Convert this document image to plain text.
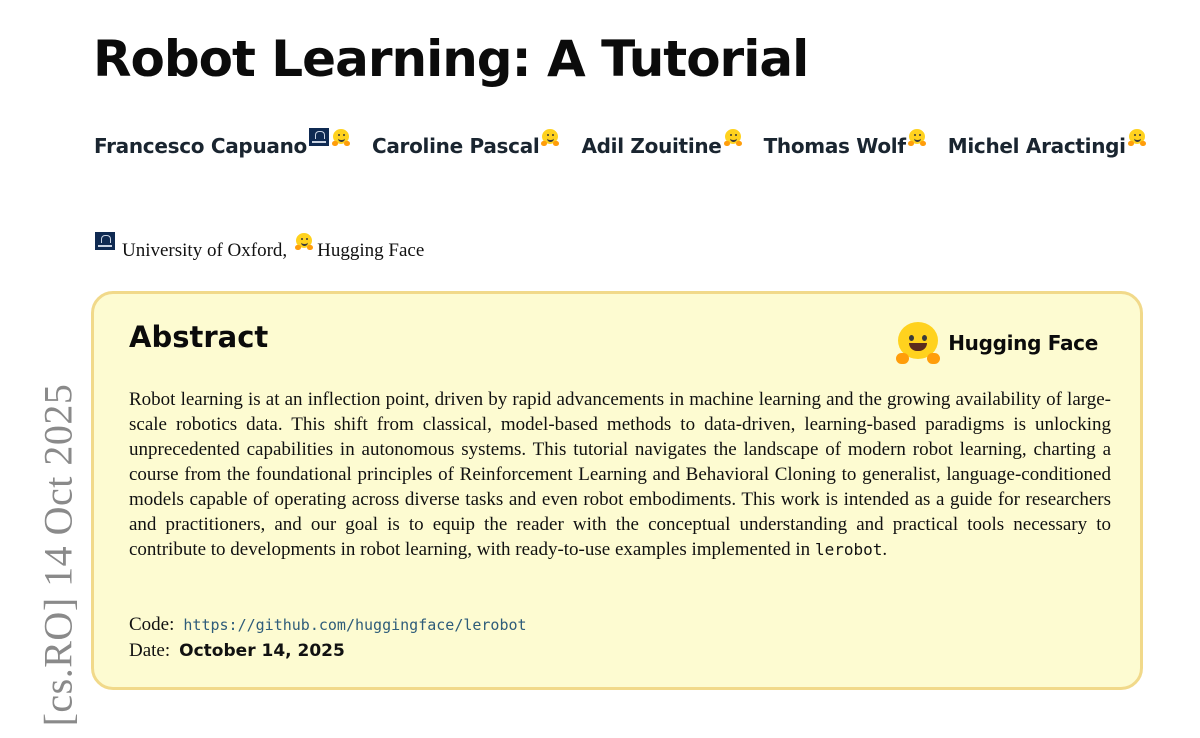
[cs.RO] 14 Oct 2025
Robot Learning: A Tutorial
Francesco Capuano	Caroline Pascal Adil Zouitine Thomas Wolf Michel Aractingi
University of Oxford, Hugging Face
Abstract	Hugging Face

Robot learning is at an inflection point, driven by rapid advancements in machine learning and the growing availability of large-scale robotics data. This shift from classical, model-based methods to data-driven, learning-based paradigms is unlocking unprecedented capabilities in autonomous systems. This tutorial navigates the landscape of modern robot learning, charting a course from the foundational principles of Reinforcement Learning and Behavioral Cloning to generalist, language-conditioned models capable of operating across diverse tasks and even robot embodiments. This work is intended as a guide for researchers and practitioners, and our goal is to equip the reader with the conceptual understanding and practical tools necessary to contribute to developments in robot learning, with ready-to-use examples implemented in lerobot.

Code: https://github.com/huggingface/lerobot
Date: October 14, 2025
